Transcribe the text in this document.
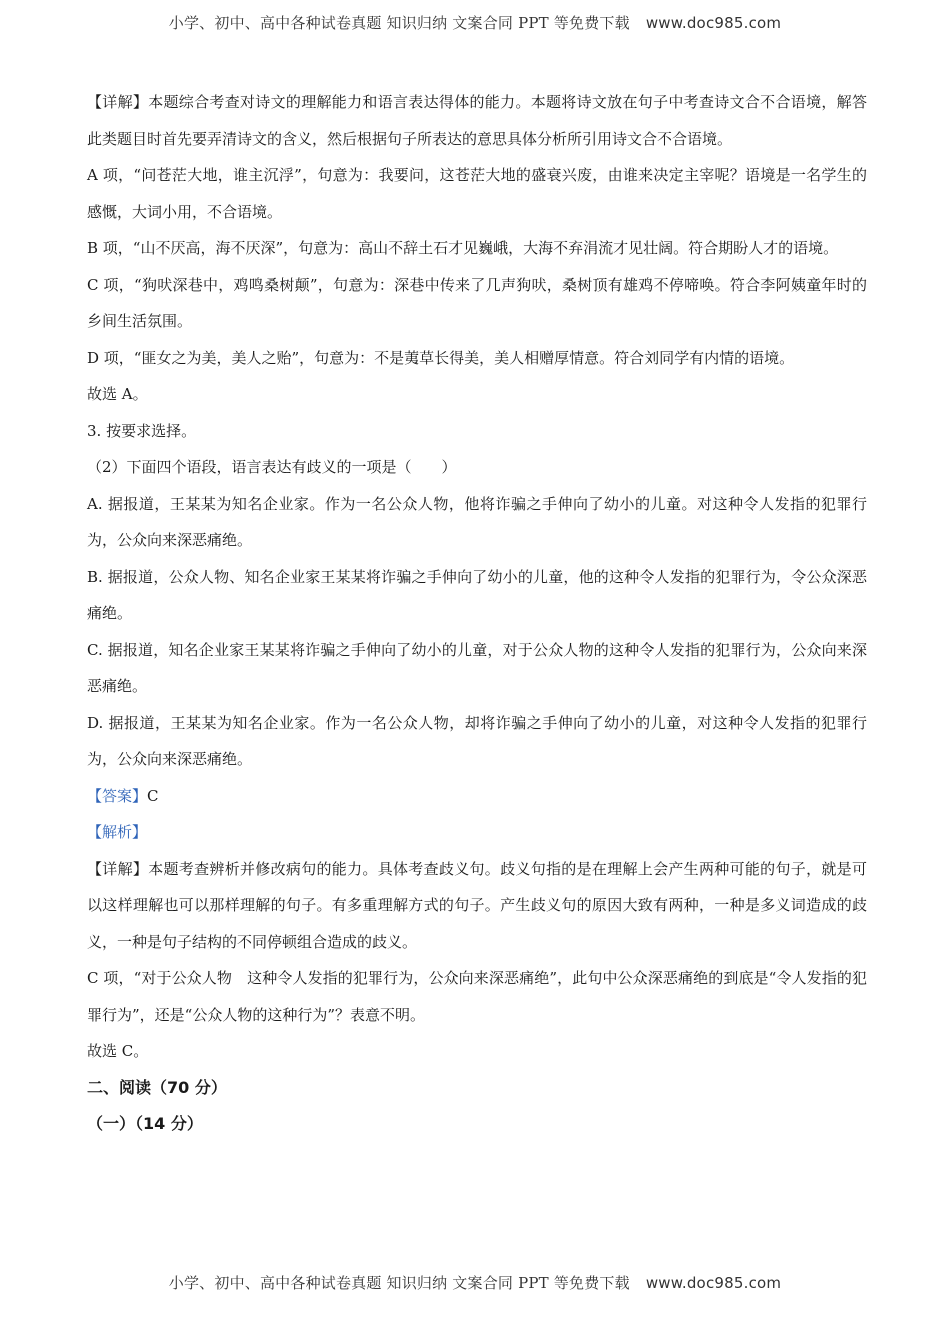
小学、初中、高中各种试卷真题 知识归纳 文案合同 PPT 等免费下载 www.doc985.com

【详解】本题综合考查对诗文的理解能力和语言表达得体的能力。本题将诗文放在句子中考查诗文合不合语境，解答此类题目时首先要弄清诗文的含义，然后根据句子所表达的意思具体分析所引用诗文合不合语境。

A 项，“问苍茫大地，谁主沉浮”，句意为：我要问，这苍茫大地的盛衰兴废，由谁来决定主宰呢？语境是一名学生的感慨，大词小用，不合语境。

B 项，“山不厌高，海不厌深”，句意为：高山不辞土石才见巍峨，大海不弃涓流才见壮阔。符合期盼人才的语境。

C 项，“狗吠深巷中，鸡鸣桑树颠”，句意为：深巷中传来了几声狗吠，桑树顶有雄鸡不停啼唤。符合李阿姨童年时的乡间生活氛围。

D 项，“匪女之为美，美人之贻”，句意为：不是荑草长得美，美人相赠厚情意。符合刘同学有内情的语境。

故选 A。

3. 按要求选择。

（2）下面四个语段，语言表达有歧义的一项是（　　）

A. 据报道，王某某为知名企业家。作为一名公众人物，他将诈骗之手伸向了幼小的儿童。对这种令人发指的犯罪行为，公众向来深恶痛绝。

B. 据报道，公众人物、知名企业家王某某将诈骗之手伸向了幼小的儿童，他的这种令人发指的犯罪行为，令公众深恶痛绝。

C. 据报道，知名企业家王某某将诈骗之手伸向了幼小的儿童，对于公众人物的这种令人发指的犯罪行为，公众向来深恶痛绝。

D. 据报道，王某某为知名企业家。作为一名公众人物，却将诈骗之手伸向了幼小的儿童，对这种令人发指的犯罪行为，公众向来深恶痛绝。

【答案】C

【解析】

【详解】本题考查辨析并修改病句的能力。具体考查歧义句。歧义句指的是在理解上会产生两种可能的句子，就是可以这样理解也可以那样理解的句子。有多重理解方式的句子。产生歧义句的原因大致有两种，一种是多义词造成的歧义，一种是句子结构的不同停顿组合造成的歧义。

C 项，“对于公众人物　这种令人发指的犯罪行为，公众向来深恶痛绝”，此句中公众深恶痛绝的到底是“令人发指的犯罪行为”，还是“公众人物的这种行为”？表意不明。

故选 C。

二、阅读（70 分）

（一）（14 分）

小学、初中、高中各种试卷真题 知识归纳 文案合同 PPT 等免费下载 www.doc985.com
